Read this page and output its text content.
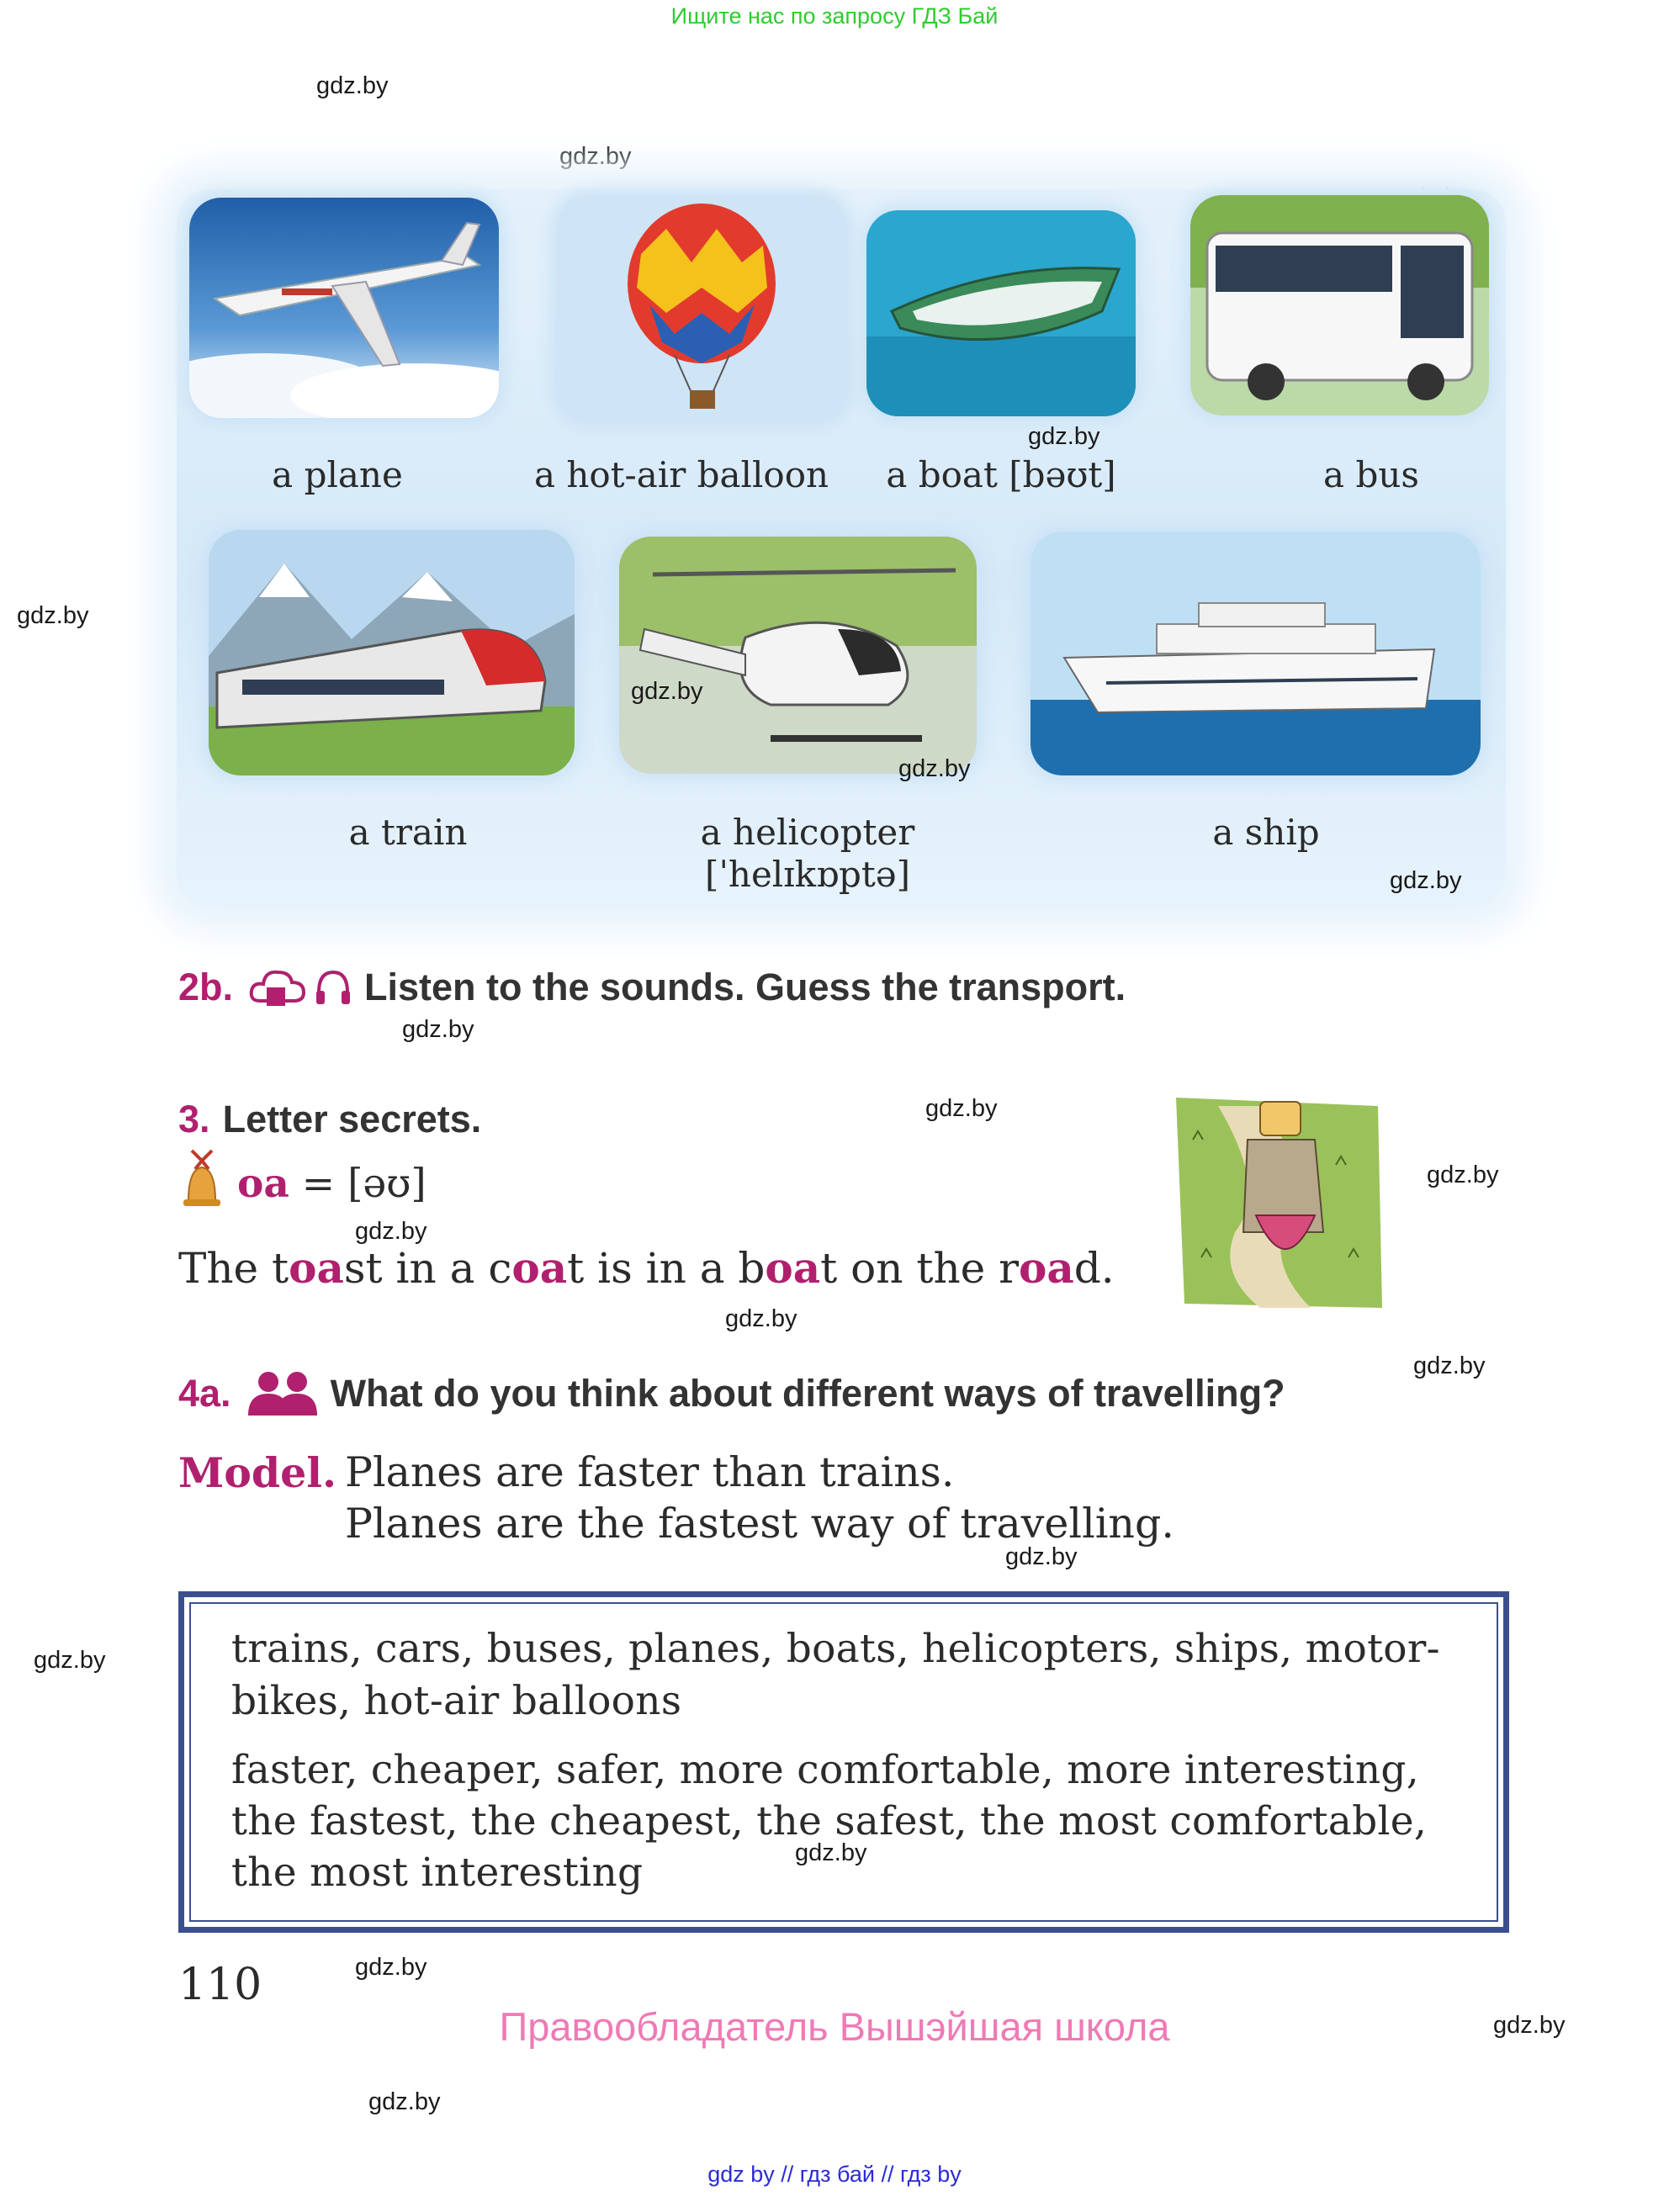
Ищите нас по запросу ГДЗ Бай
gdz.by
gdz.by
gdz.by
a plane	a hot-air balloon	a boat [bəʊt]	a bus
gdz.by
gdz.by
gdz.by
a train	a helicopter
[ˈhelɪkɒptə]
a ship
gdz.by
2b.	Listen to the sounds. Guess the transport.
gdz.by
3. Letter secrets.	gdz.by
oa = [əʊ]
gdz.by
The toast in a coat is in a boat on the road.
gdz.by
gdz.by
4a.	What do you think about different ways of travelling?
gdz.by
Model. Planes are faster than trains.
Planes are the fastest way of travelling.
gdz.by
trains, cars, buses, planes, boats, helicopters, ships, motor-
bikes, hot-air balloons
faster, cheaper, safer, more comfortable, more interesting,
the fastest, the cheapest, the safest, the most comfortable,
the most interesting
gdz.by
gdz.by
110	gdz.by
Правообладатель Вышэйшая школа	gdz.by
gdz.by
gdz by // гдз бай // гдз by
